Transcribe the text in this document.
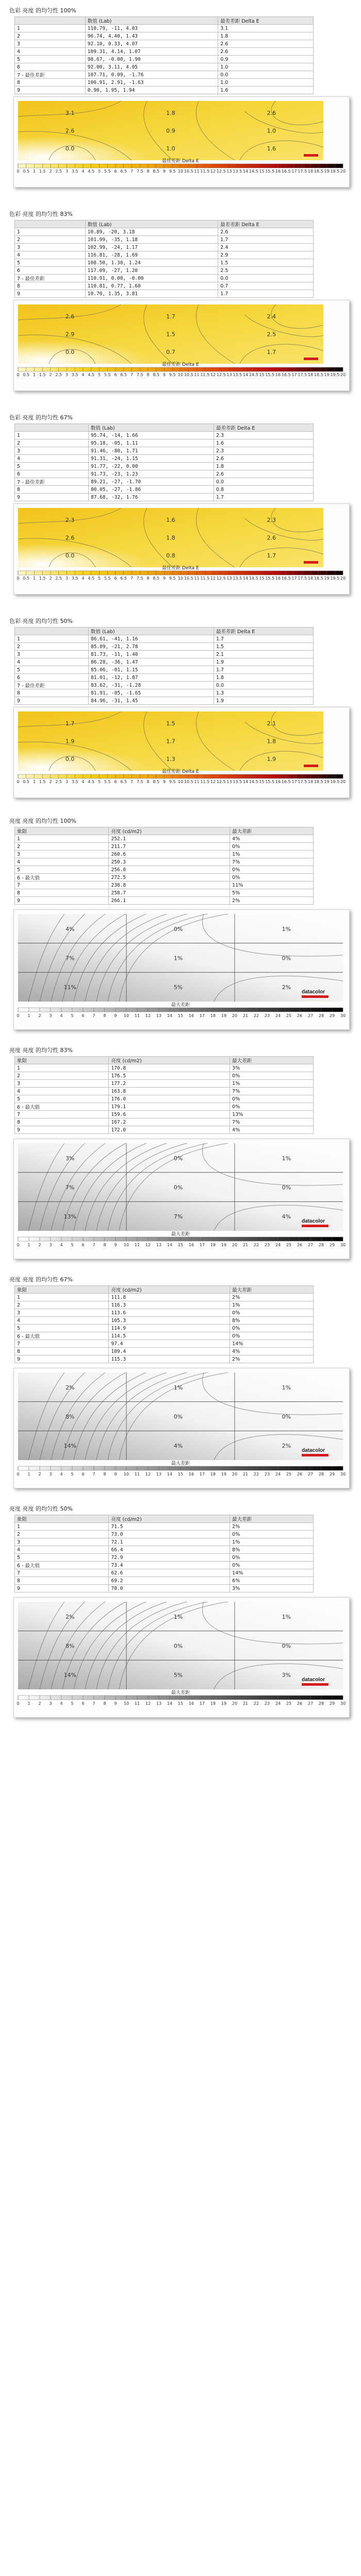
色彩 亮度 的均匀性 100%
	数值 (Lab)	最差差距 Delta E
1	110.79, -11, 4.03	3.1
2	96.74, 4.40, 1.43	1.8
3	92.10, 0.33, 4.07	2.6
4	109.31, 4.14, 1.07	2.6
5	98.67, -0.00, 1.90	0.9
6	92.00, 3.11, 4.05	1.0
7 - 最佳差距	107.71, 0.09, -1.76	0.0
8	100.91, 2.91, -1.63	1.0
9	0.90, 1.95, 1.94	1.6
3.1	1.8	2.6
2.6	0.9	1.0
0.0	1.0	1.6
0 0.5 1 1.5 2 2.5 3 3.5 4 4.5 5 5.5 6 6.5 7 7.5 8 8.5 9 9.5 10 10.5 11 11.5 12 12.5 13 13.5 14 14.5 15 15.5 16 16.5 17 17.5 18 18.5 19 19.5 20
最佳差距 Delta E
色彩 亮度 的均匀性 83%
	数值 (Lab)	最差差距 Delta E
1	10.89, -20, 3.18	2.6
2	101.99, -35, 1.18	1.7
3	102.99, -24, 1.17	2.4
4	116.81, -28, 1.69	2.9
5	108.50, 1.30, 1.24	1.5
6	117.09, -27, 1.20	2.5
7 - 最佳差距	110.91, 0.00, -0.00	0.0
8	110.81, 0.77, 1.60	0.7
9	10.70, 1.35, 3.81	1.7
2.6	1.7	2.4
2.9	1.5	2.5
0.0	0.7	1.7
0 0.5 1 1.5 2 2.5 3 3.5 4 4.5 5 5.5 6 6.5 7 7.5 8 8.5 9 9.5 10 10.5 11 11.5 12 12.5 13 13.5 14 14.5 15 15.5 16 16.5 17 17.5 18 18.5 19 19.5 20
最佳差距 Delta E
色彩 亮度 的均匀性 67%
	数值 (Lab)	最差差距 Delta E
1	95.74, -14, 1.66	2.3
2	95.18, -05, 1.11	1.6
3	91.46, -80, 1.71	2.3
4	91.31, -24, 1.15	2.6
5	91.77, -22, 0.00	1.8
6	91.73, -23, 1.23	2.6
7 - 最佳差距	89.21, -27, -1.70	0.0
8	80.05, -27, -1.86	0.8
9	87.68, -32, 1.76	1.7
2.3	1.6	2.3
2.6	1.8	2.6
0.0	0.8	1.7
0 0.5 1 1.5 2 2.5 3 3.5 4 4.5 5 5.5 6 6.5 7 7.5 8 8.5 9 9.5 10 10.5 11 11.5 12 12.5 13 13.5 14 14.5 15 15.5 16 16.5 17 17.5 18 18.5 19 19.5 20
最佳差距 Delta E
色彩 亮度 的均匀性 50%
	数值 (Lab)	最差差距 Delta E
1	86.61, -41, 1.16	1.7
2	85.09, -21, 2.78	1.5
3	81.73, -11, 1.40	2.1
4	86.28, -36, 1.47	1.9
5	85.06, -01, 1.15	1.7
6	81.01, -12, 1.87	1.8
7 - 最佳差距	83.62, -31, -1.28	0.0
8	81.91, -05, -1.65	1.3
9	84.96, -31, 1.45	1.9
1.7	1.5	2.1
1.9	1.7	1.8
0.0	1.3	1.9
0 0.5 1 1.5 2 2.5 3 3.5 4 4.5 5 5.5 6 6.5 7 7.5 8 8.5 9 9.5 10 10.5 11 11.5 12 12.5 13 13.5 14 14.5 15 15.5 16 16.5 17 17.5 18 18.5 19 19.5 20
最佳差距 Delta E
亮度 亮度 的均匀性 100%
象限	亮度 (cd/m2)	最大差距
1	252.1	4%
2	211.7	0%
3	260.6	1%
4	250.3	7%
5	256.0	0%
6 - 最大值	272.5	0%
7	238.8	11%
8	258.7	5%
9	266.1	2%
4%	0%	1%
7%	1%	0%
11%	5%	2%
datacolor
最大差距
0 1 2 3 4 5 6 7 8 9 10 11 12 13 14 15 16 17 18 19 20 21 22 23 24 25 26 27 28 29 30
亮度 亮度 的均匀性 83%
象限	亮度 (cd/m2)	最大差距
1	170.8	3%
2	176.5	0%
3	177.2	1%
4	163.8	7%
5	176.0	0%
6 - 最大值	179.1	0%
7	159.6	13%
8	167.2	7%
9	172.0	4%
3%	0%	1%
7%	0%	0%
13%	7%	4%
datacolor
最大差距
0 1 2 3 4 5 6 7 8 9 10 11 12 13 14 15 16 17 18 19 20 21 22 23 24 25 26 27 28 29 30
亮度 亮度 的均匀性 67%
象限	亮度 (cd/m2)	最大差距
1	111.8	2%
2	116.3	1%
3	113.6	0%
4	105.3	8%
5	114.9	0%
6 - 最大值	114.5	0%
7	97.4	14%
8	109.4	4%
9	115.3	2%
2%	1%	1%
8%	0%	0%
14%	4%	2%
datacolor
最大差距
0 1 2 3 4 5 6 7 8 9 10 11 12 13 14 15 16 17 18 19 20 21 22 23 24 25 26 27 28 29 30
亮度 亮度 的均匀性 50%
象限	亮度 (cd/m2)	最大差距
1	71.5	2%
2	73.0	0%
3	72.1	1%
4	66.4	8%
5	72.9	0%
6 - 最大值	73.4	0%
7	62.6	14%
8	69.2	6%
9	70.0	3%
2%	1%	1%
8%	0%	0%
14%	5%	3%
datacolor
最大差距
0 1 2 3 4 5 6 7 8 9 10 11 12 13 14 15 16 17 18 19 20 21 22 23 24 25 26 27 28 29 30
